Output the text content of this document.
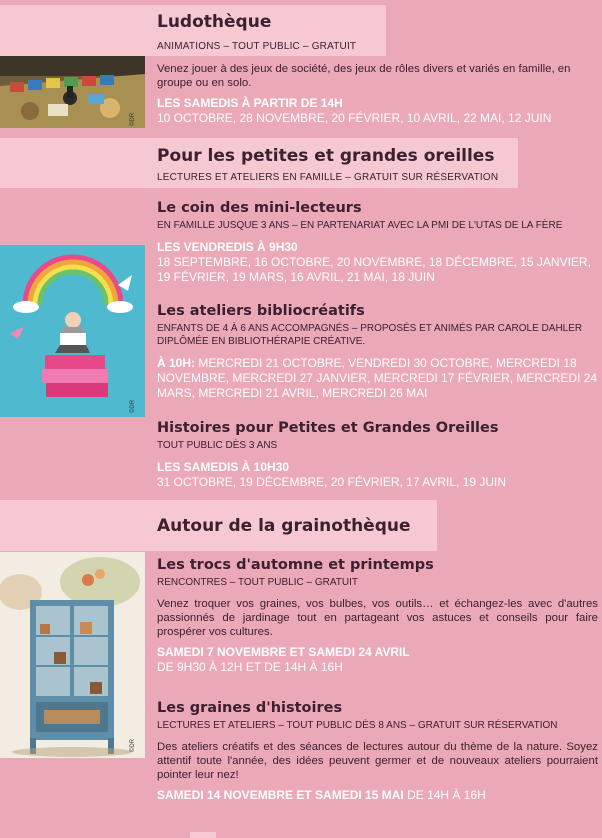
Ludothèque
ANIMATIONS – TOUT PUBLIC – GRATUIT
©DR

Venez jouer à des jeux de société, des jeux de rôles divers et variés en famille, en groupe ou en solo.

LES SAMEDIS À PARTIR DE 14H
10 OCTOBRE, 28 NOVEMBRE, 20 FÉVRIER, 10 AVRIL, 22 MAI, 12 JUIN
Pour les petites et grandes oreilles
LECTURES ET ATELIERS EN FAMILLE – GRATUIT SUR RÉSERVATION
©DR
Le coin des mini-lecteurs
EN FAMILLE JUSQUE 3 ANS – EN PARTENARIAT AVEC LA PMI DE L'UTAS DE LA FÈRE
LES VENDREDIS À 9H30
18 SEPTEMBRE, 16 OCTOBRE, 20 NOVEMBRE, 18 DÉCEMBRE, 15 JANVIER, 19 FÉVRIER, 19 MARS, 16 AVRIL, 21 MAI, 18 JUIN
Les ateliers bibliocréatifs
ENFANTS DE 4 À 6 ANS ACCOMPAGNÉS – PROPOSÉS ET ANIMÉS PAR CAROLE DAHLER DIPLÔMÉE EN BIBLIOTHÉRAPIE CRÉATIVE.
À 10H: MERCREDI 21 OCTOBRE, VENDREDI 30 OCTOBRE, MERCREDI 18 NOVEMBRE, MERCREDI 27 JANVIER, MERCREDI 17 FÉVRIER, MERCREDI 24 MARS, MERCREDI 21 AVRIL, MERCREDI 26 MAI
Histoires pour Petites et Grandes Oreilles
TOUT PUBLIC DÈS 3 ANS
LES SAMEDIS À 10H30
31 OCTOBRE, 19 DÉCEMBRE, 20 FÉVRIER, 17 AVRIL, 19 JUIN
Autour de la grainothèque
©DR
Les trocs d'automne et printemps
RENCONTRES – TOUT PUBLIC – GRATUIT

Venez troquer vos graines, vos bulbes, vos outils… et échangez-les avec d'autres passionnés de jardinage tout en partageant vos astuces et conseils pour faire prospérer vos cultures.

SAMEDI 7 NOVEMBRE ET SAMEDI 24 AVRIL
DE 9H30 À 12H ET DE 14H À 16H
Les graines d'histoires
LECTURES ET ATELIERS – TOUT PUBLIC DÈS 8 ANS – GRATUIT SUR RÉSERVATION

Des ateliers créatifs et des séances de lectures autour du thème de la nature. Soyez attentif toute l'année, des idées peuvent germer et de nouveaux ateliers pourraient pointer leur nez!

SAMEDI 14 NOVEMBRE ET SAMEDI 15 MAI DE 14H À 16H
